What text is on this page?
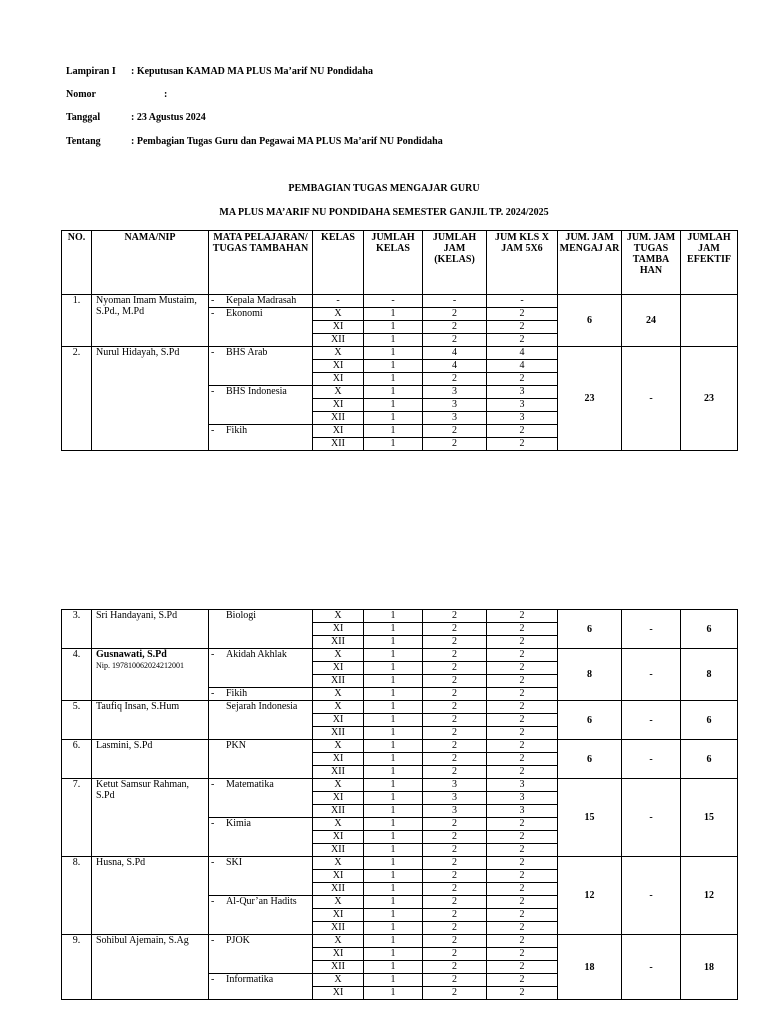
Lampiran I : Keputusan KAMAD MA PLUS Ma’arif NU Pondidaha
Nomor	:
Tanggal	: 23 Agustus 2024
Tentang	: Pembagian Tugas Guru dan Pegawai MA PLUS Ma’arif NU Pondidaha
PEMBAGIAN TUGAS MENGAJAR GURU
MA PLUS MA’ARIF NU PONDIDAHA SEMESTER GANJIL TP. 2024/2025
NO.	NAMA/NIP	MATA PELAJARAN/ TUGAS TAMBAHAN	KELAS	JUMLAH KELAS	JUMLAH JAM (KELAS)	JUM KLS X JAM 5X6	JUM. JAM MENGAJ AR	JUM. JAM TUGAS TAMBA HAN	JUMLAH JAM EFEKTIF
1.	Nyoman Imam Mustaim, S.Pd., M.Pd	- Kepala Madrasah	-	-	-	-	6	24	
		- Ekonomi	X	1	2	2			
			XI	1	2	2			
			XII	1	2	2			
2.	Nurul Hidayah, S.Pd	- BHS Arab	X	1	4	4	23	-	23
			XI	1	4	4			
			XI	1	2	2			
		- BHS Indonesia	X	1	3	3			
			XI	1	3	3			
			XII	1	3	3			
		- Fikih	XI	1	2	2			
			XII	1	2	2			
3.	Sri Handayani, S.Pd	Biologi	X	1	2	2	6	-	6
			XI	1	2	2			
			XII	1	2	2			
4.	Gusnawati, S.Pd
Nip. 197810062024212001	- Akidah Akhlak	X	1	2	2	8	-	8
			XI	1	2	2			
			XII	1	2	2			
		- Fikih	X	1	2	2			
5.	Taufiq Insan, S.Hum	Sejarah Indonesia	X	1	2	2	6	-	6
			XI	1	2	2			
			XII	1	2	2			
6.	Lasmini, S.Pd	PKN	X	1	2	2	6	-	6
			XI	1	2	2			
			XII	1	2	2			
7.	Ketut Samsur Rahman, S.Pd	- Matematika	X	1	3	3	15	-	15
			XI	1	3	3			
			XII	1	3	3			
		- Kimia	X	1	2	2			
			XI	1	2	2			
			XII	1	2	2			
8.	Husna, S.Pd	- SKI	X	1	2	2	12	-	12
			XI	1	2	2			
			XII	1	2	2			
		- Al-Qur’an Hadits	X	1	2	2			
			XI	1	2	2			
			XII	1	2	2			
9.	Sohibul Ajemain, S.Ag	- PJOK	X	1	2	2	18	-	18
			XI	1	2	2			
			XII	1	2	2			
		- Informatika	X	1	2	2			
			XI	1	2	2			
